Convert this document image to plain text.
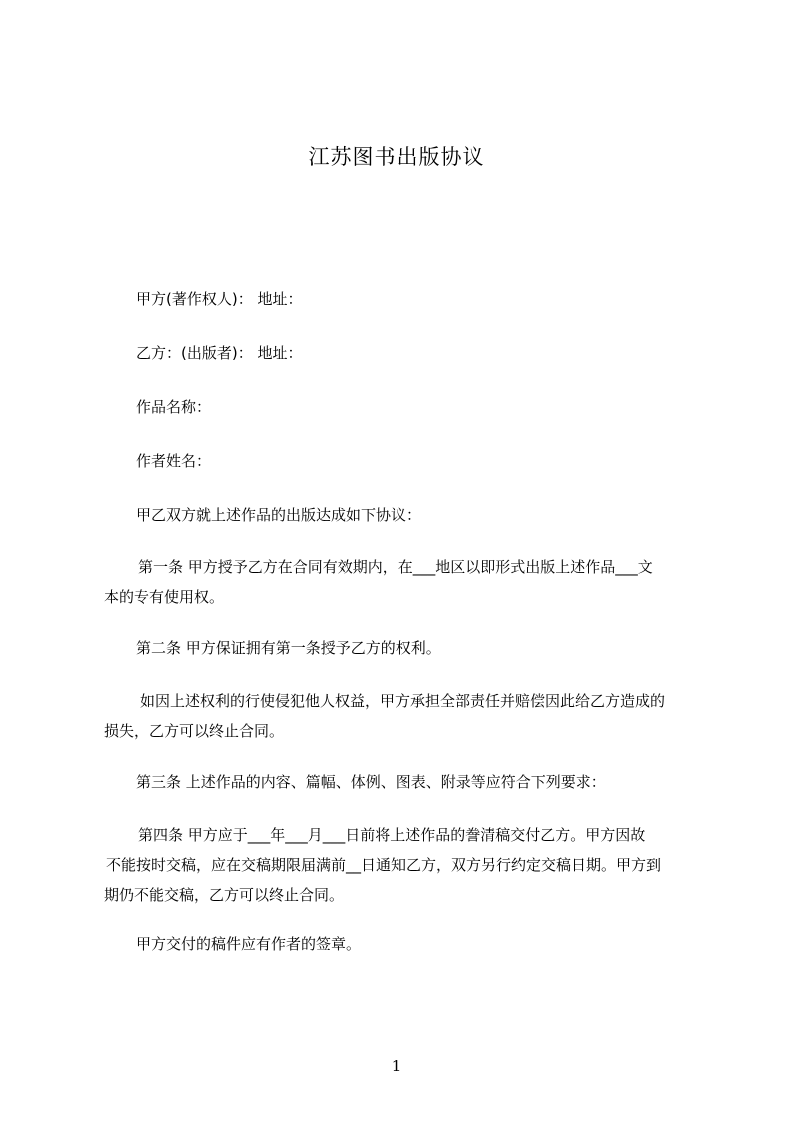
江苏图书出版协议
甲方(著作权人)： 地址：
乙方：(出版者)： 地址：
作品名称：
作者姓名：
甲乙双方就上述作品的出版达成如下协议：
第一条 甲方授予乙方在合同有效期内，在___地区以即形式出版上述作品___文
本的专有使用权。
第二条 甲方保证拥有第一条授予乙方的权利。
如因上述权利的行使侵犯他人权益，甲方承担全部责任并赔偿因此给乙方造成的
损失，乙方可以终止合同。
第三条 上述作品的内容、篇幅、体例、图表、附录等应符合下列要求：
第四条 甲方应于___年___月___日前将上述作品的誊清稿交付乙方。甲方因故
不能按时交稿，应在交稿期限届满前__日通知乙方，双方另行约定交稿日期。甲方到
期仍不能交稿，乙方可以终止合同。
甲方交付的稿件应有作者的签章。
1
